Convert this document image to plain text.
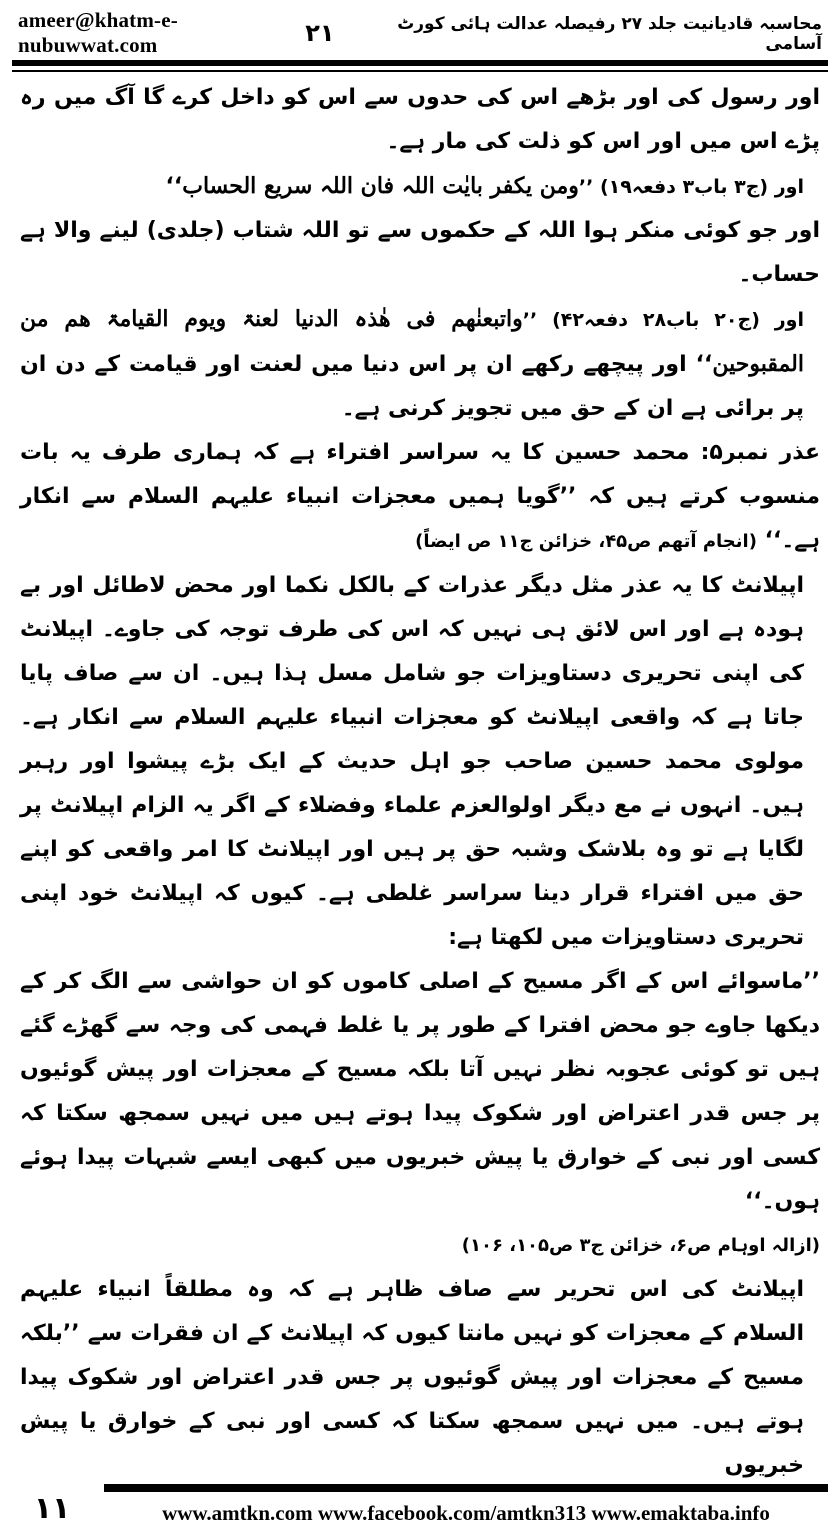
ameer@khatm-e-nubuwwat.com
محاسبہ قادیانیت جلد ۲۷ رفیصلہ عدالت ہائی کورٹ آسامی
۲۱

اور رسول کی اور بڑھے اس کی حدوں سے اس کو داخل کرے گا آگ میں رہ پڑے اس میں اور اس کو ذلت کی مار ہے۔

اور (ج۳ باب۳ دفعہ۱۹) ’’ومن یکفر بایٰت اللہ فان اللہ سریع الحساب‘‘

اور جو کوئی منکر ہوا اللہ کے حکموں سے تو اللہ شتاب (جلدی) لینے والا ہے حساب۔

اور (ج۲۰ باب۲۸ دفعہ۴۲) ’’واتبعنٰھم فی ھٰذہ الدنیا لعنۃ ویوم القیامۃ ھم من المقبوحین‘‘ اور پیچھے رکھے ان پر اس دنیا میں لعنت اور قیامت کے دن ان پر برائی ہے ان کے حق میں تجویز کرنی ہے۔

عذر نمبر۵: محمد حسین کا یہ سراسر افتراء ہے کہ ہماری طرف یہ بات منسوب کرتے ہیں کہ ’’گویا ہمیں معجزات انبیاء علیہم السلام سے انکار ہے۔‘‘ (انجام آتھم ص۴۵، خزائن ج۱۱ ص ایضاً)

اپیلانٹ کا یہ عذر مثل دیگر عذرات کے بالکل نکما اور محض لاطائل اور بے ہودہ ہے اور اس لائق ہی نہیں کہ اس کی طرف توجہ کی جاوے۔ اپیلانٹ کی اپنی تحریری دستاویزات جو شامل مسل ہذا ہیں۔ ان سے صاف پایا جاتا ہے کہ واقعی اپیلانٹ کو معجزات انبیاء علیہم السلام سے انکار ہے۔ مولوی محمد حسین صاحب جو اہل حدیث کے ایک بڑے پیشوا اور رہبر ہیں۔ انہوں نے مع دیگر اولوالعزم علماء وفضلاء کے اگر یہ الزام اپیلانٹ پر لگایا ہے تو وہ بلاشک وشبہ حق پر ہیں اور اپیلانٹ کا امر واقعی کو اپنے حق میں افتراء قرار دینا سراسر غلطی ہے۔ کیوں کہ اپیلانٹ خود اپنی تحریری دستاویزات میں لکھتا ہے:

’’ماسوائے اس کے اگر مسیح کے اصلی کاموں کو ان حواشی سے الگ کر کے دیکھا جاوے جو محض افترا کے طور پر یا غلط فہمی کی وجہ سے گھڑے گئے ہیں تو کوئی عجوبہ نظر نہیں آتا بلکہ مسیح کے معجزات اور پیش گوئیوں پر جس قدر اعتراض اور شکوک پیدا ہوتے ہیں میں نہیں سمجھ سکتا کہ کسی اور نبی کے خوارق یا پیش خبریوں میں کبھی ایسے شبہات پیدا ہوئے ہوں۔‘‘

(ازالہ اوہام ص۶، خزائن ج۳ ص۱۰۵، ۱۰۶)

اپیلانٹ کی اس تحریر سے صاف ظاہر ہے کہ وہ مطلقاً انبیاء علیہم السلام کے معجزات کو نہیں مانتا کیوں کہ اپیلانٹ کے ان فقرات سے ’’بلکہ مسیح کے معجزات اور پیش گوئیوں پر جس قدر اعتراض اور شکوک پیدا ہوتے ہیں۔ میں نہیں سمجھ سکتا کہ کسی اور نبی کے خوارق یا پیش خبریوں

۱۱	www.amtkn.com www.facebook.com/amtkn313 www.emaktaba.info
